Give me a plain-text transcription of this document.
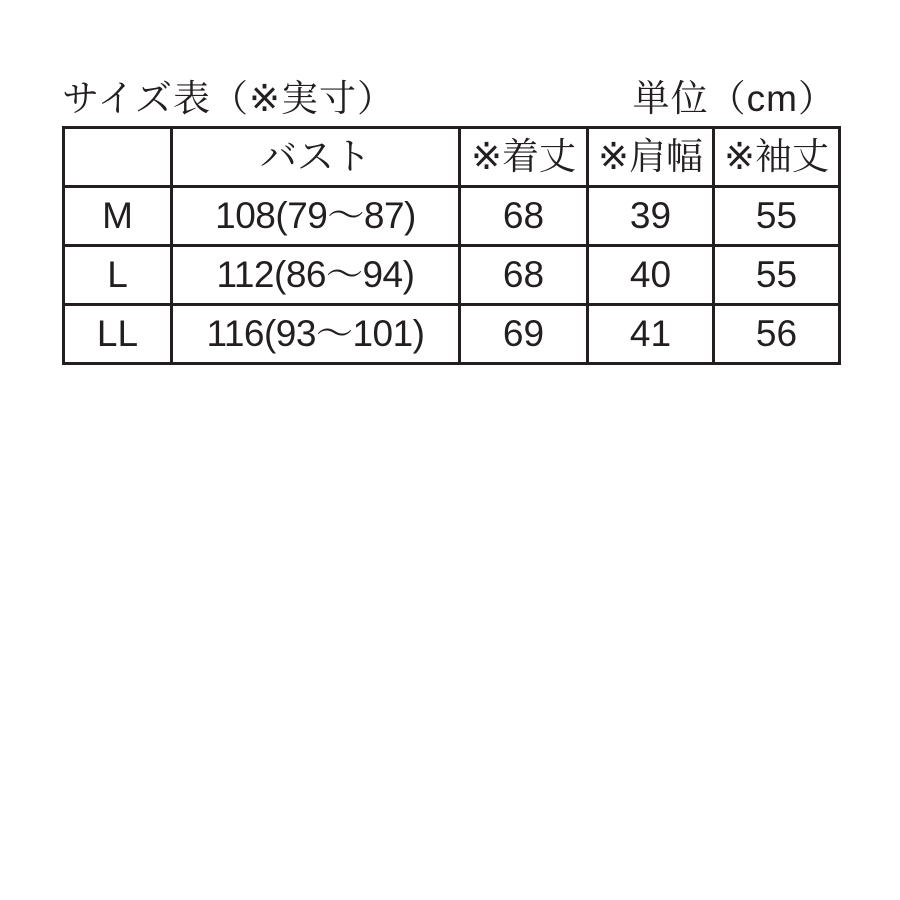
サイズ表（※実寸）	単位（cm）
	バスト	※着丈	※肩幅	※袖丈
M	108(79〜87)	68	39	55
L	112(86〜94)	68	40	55
LL	116(93〜101)	69	41	56
